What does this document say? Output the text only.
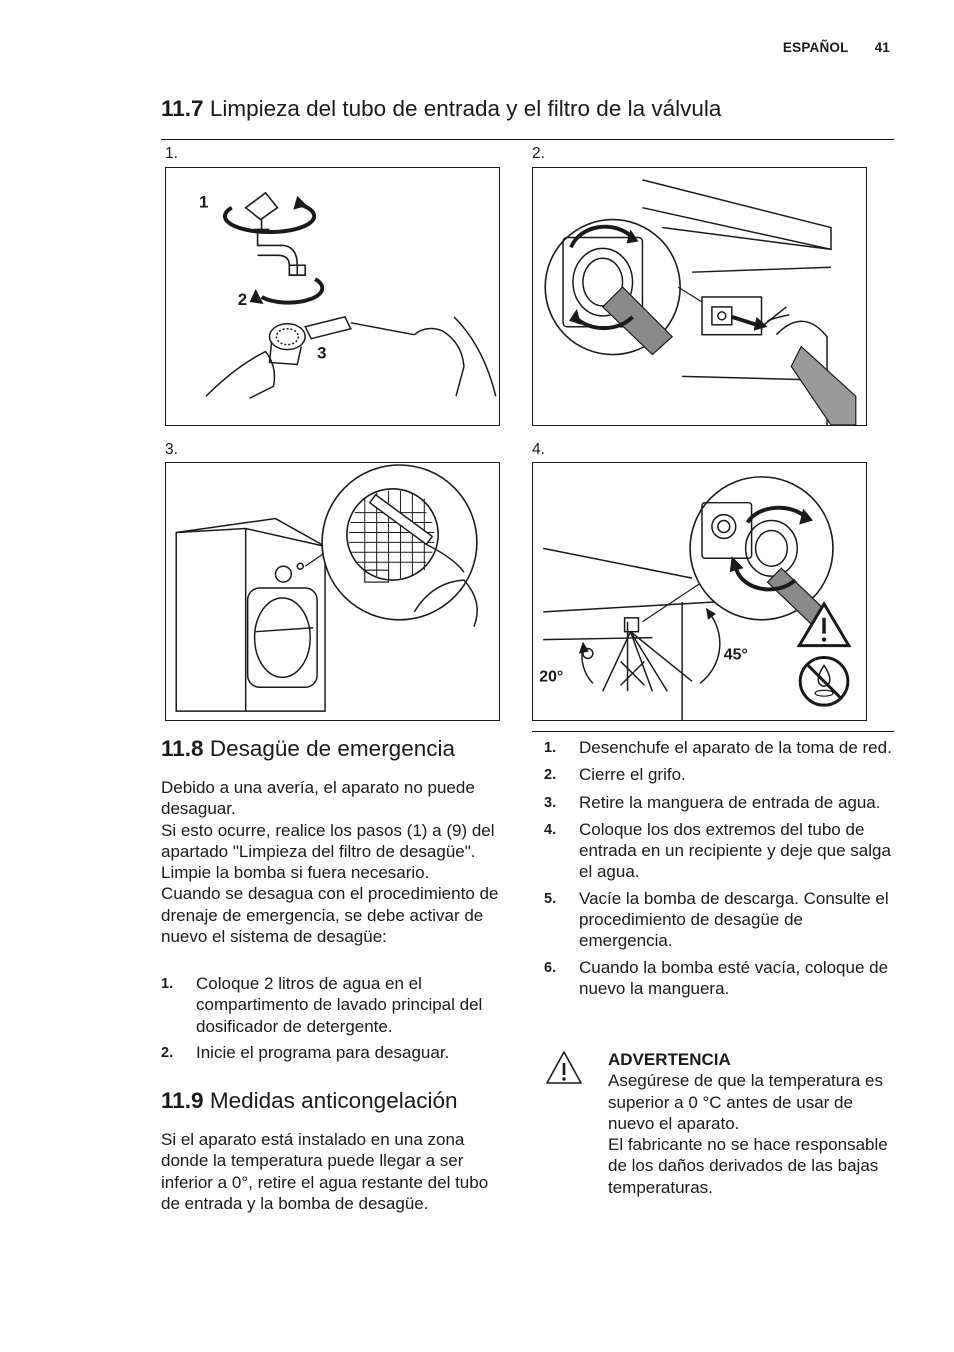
ESPAÑOL 41
11.7 Limpieza del tubo de entrada y el filtro de la válvula
1.	2.
3.	4.
1
2
3
20°
45°
11.8 Desagüe de emergencia

Debido a una avería, el aparato no puede desaguar.

Si esto ocurre, realice los pasos (1) a (9) del apartado "Limpieza del filtro de desagüe".

Limpie la bomba si fuera necesario.

Cuando se desagua con el procedimiento de drenaje de emergencia, se debe activar de nuevo el sistema de desagüe:

1.	Coloque 2 litros de agua en el compartimento de lavado principal del dosificador de detergente.
2.	Inicie el programa para desaguar.
11.9 Medidas anticongelación

Si el aparato está instalado en una zona donde la temperatura puede llegar a ser inferior a 0°, retire el agua restante del tubo de entrada y la bomba de desagüe.

1.	Desenchufe el aparato de la toma de red.
2.	Cierre el grifo.
3.	Retire la manguera de entrada de agua.
4.	Coloque los dos extremos del tubo de entrada en un recipiente y deje que salga el agua.
5.	Vacíe la bomba de descarga. Consulte el procedimiento de desagüe de emergencia.
6.	Cuando la bomba esté vacía, coloque de nuevo la manguera.
ADVERTENCIA

Asegúrese de que la temperatura es superior a 0 °C antes de usar de nuevo el aparato.

El fabricante no se hace responsable de los daños derivados de las bajas temperaturas.
